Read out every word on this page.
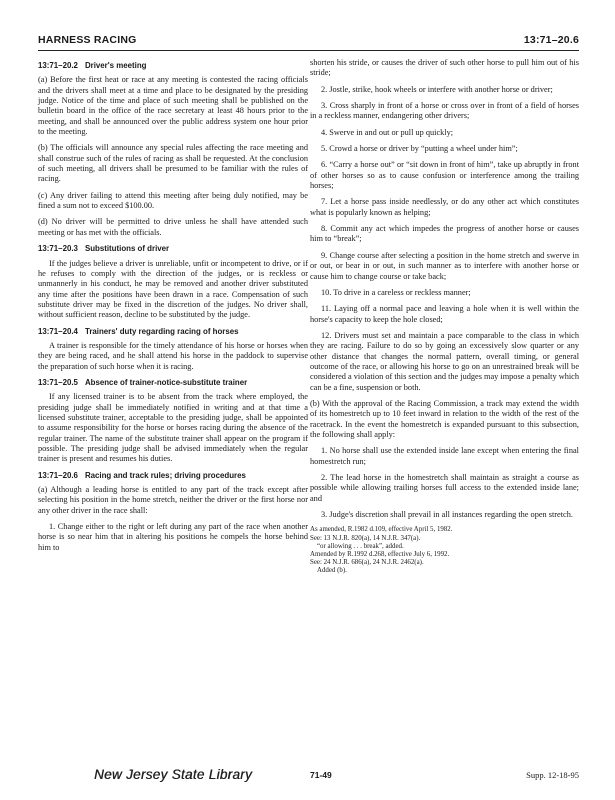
HARNESS RACING	13:71–20.6
13:71–20.2 Driver's meeting

(a) Before the first heat or race at any meeting is contested the racing officials and the drivers shall meet at a time and place to be designated by the presiding judge. Notice of the time and place of such meeting shall be published on the bulletin board in the office of the race secretary at least 48 hours prior to the meeting, and shall be announced over the public address system one hour prior to the meeting.

(b) The officials will announce any special rules affecting the race meeting and shall construe such of the rules of racing as shall be requested. At the conclusion of such meeting, all drivers shall be presumed to be familiar with the rules of racing.

(c) Any driver failing to attend this meeting after being duly notified, may be fined a sum not to exceed $100.00.

(d) No driver will be permitted to drive unless he shall have attended such meeting or has met with the officials.

13:71–20.3 Substitutions of driver

If the judges believe a driver is unreliable, unfit or incompetent to drive, or if he refuses to comply with the direction of the judges, or is reckless or unmannerly in his conduct, he may be removed and another driver substituted any time after the positions have been drawn in a race. Compensation of such substitute driver may be fixed in the discretion of the judges. No driver shall, without sufficient reason, decline to be substituted by the judge.

13:71–20.4 Trainers' duty regarding racing of horses

A trainer is responsible for the timely attendance of his horse or horses when they are being raced, and he shall attend his horse in the paddock to supervise the preparation of such horse when it is racing.

13:71–20.5 Absence of trainer-notice-substitute trainer

If any licensed trainer is to be absent from the track where employed, the presiding judge shall be immediately notified in writing and at that time a licensed substitute trainer, acceptable to the presiding judge, shall be appointed to assume responsibility for the horse or horses racing during the absence of the regular trainer. The name of the substitute trainer shall appear on the program if possible. The presiding judge shall be advised immediately when the regular trainer is present and resumes his duties.

13:71–20.6 Racing and track rules; driving procedures

(a) Although a leading horse is entitled to any part of the track except after selecting his position in the home stretch, neither the driver or the first horse nor any other driver in the race shall:

1. Change either to the right or left during any part of the race when another horse is so near him that in altering his positions he compels the horse behind him to

shorten his stride, or causes the driver of such other horse to pull him out of his stride;

2. Jostle, strike, hook wheels or interfere with another horse or driver;

3. Cross sharply in front of a horse or cross over in front of a field of horses in a reckless manner, endangering other drivers;

4. Swerve in and out or pull up quickly;

5. Crowd a horse or driver by “putting a wheel under him”;

6. “Carry a horse out” or “sit down in front of him”, take up abruptly in front of other horses so as to cause confusion or interference among the trailing horses;

7. Let a horse pass inside needlessly, or do any other act which constitutes what is popularly known as helping;

8. Commit any act which impedes the progress of another horse or causes him to “break”;

9. Change course after selecting a position in the home stretch and swerve in or out, or bear in or out, in such manner as to interfere with another horse or cause him to change course or take back;

10. To drive in a careless or reckless manner;

11. Laying off a normal pace and leaving a hole when it is well within the horse's capacity to keep the hole closed;

12. Drivers must set and maintain a pace comparable to the class in which they are racing. Failure to do so by going an excessively slow quarter or any other distance that changes the normal pattern, overall timing, or general outcome of the race, or allowing his horse to go on an unrestrained break will be considered a violation of this section and the judges may impose a penalty which can be a fine, suspension or both.

(b) With the approval of the Racing Commission, a track may extend the width of its homestretch up to 10 feet inward in relation to the width of the rest of the racetrack. In the event the homestretch is expanded pursuant to this subsection, the following shall apply:

1. No horse shall use the extended inside lane except when entering the final homestretch run;

2. The lead horse in the homestretch shall maintain as straight a course as possible while allowing trailing horses full access to the extended inside lane; and

3. Judge's discretion shall prevail in all instances regarding the open stretch.

As amended, R.1982 d.109, effective April 5, 1982.
See: 13 N.J.R. 820(a), 14 N.J.R. 347(a).
“or allowing . . . break”, added.
Amended by R.1992 d.268, effective July 6, 1992.
See: 24 N.J.R. 686(a), 24 N.J.R. 2462(a).
Added (b).
New Jersey State Library	71-49	Supp. 12-18-95
